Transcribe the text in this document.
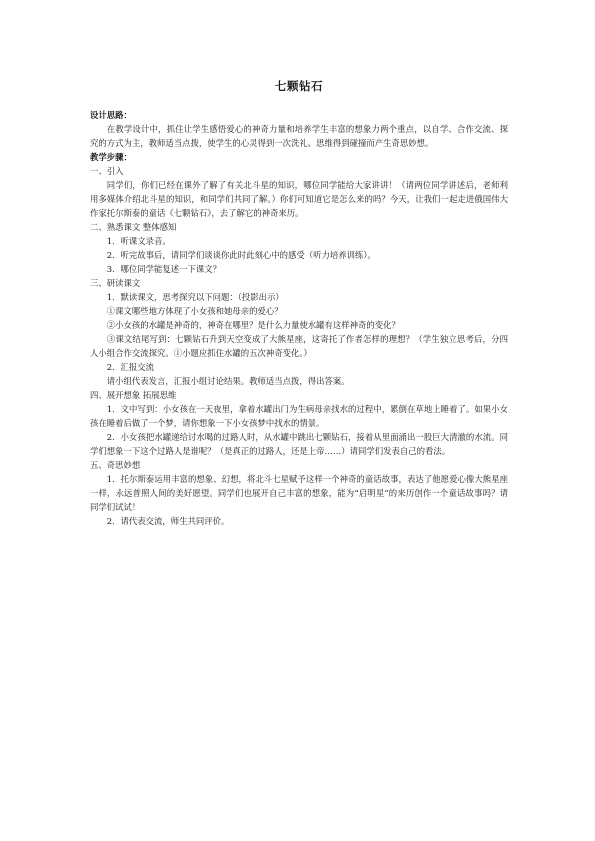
七颗钻石

设计思路：

在教学设计中，抓住让学生感悟爱心的神奇力量和培养学生丰富的想象力两个重点，以自学、合作交流、探究的方式为主，教师适当点拨，使学生的心灵得到一次洗礼、思维得到碰撞而产生奇思妙想。

教学步骤：

一、引入

同学们，你们已经在课外了解了有关北斗星的知识，哪位同学能给大家讲讲！（请两位同学讲述后，老师利用多媒体介绍北斗星的知识，和同学们共同了解。）你们可知道它是怎么来的吗？今天，让我们一起走进俄国伟大作家托尔斯泰的童话《七颗钻石》，去了解它的神奇来历。

二、熟悉课文 整体感知

1．听课文录音。

2．听完故事后，请同学们谈谈你此时此刻心中的感受（听力培养训练）。

3．哪位同学能复述一下课文？

三、研读课文

1．默读课文，思考探究以下问题：（投影出示）

①课文哪些地方体现了小女孩和她母亲的爱心？

②小女孩的水罐是神奇的，神奇在哪里？是什么力量使水罐有这样神奇的变化？

③课文结尾写到：七颗钻石升到天空变成了大熊星座，这寄托了作者怎样的理想？（学生独立思考后，分四人小组合作交流探究。①小题应抓住水罐的五次神奇变化。）

2．汇报交流

请小组代表发言，汇报小组讨论结果。教师适当点拨，得出答案。

四、展开想象 拓展思维

1．文中写到：小女孩在一天夜里，拿着水罐出门为生病母亲找水的过程中，累倒在草地上睡着了。如果小女孩在睡着后做了一个梦，请你想象一下小女孩梦中找水的情景。

2．小女孩把水罐递给讨水喝的过路人时，从水罐中跳出七颗钻石，接着从里面涌出一股巨大清澈的水流。同学们想象一下这个过路人是谁呢？（是真正的过路人，还是上帝……）请同学们发表自己的看法。

五、奇思妙想

1．托尔斯泰运用丰富的想象、幻想，将北斗七星赋予这样一个神奇的童话故事，表达了他愿爱心像大熊星座一样，永远普照人间的美好愿望。同学们也展开自己丰富的想象，能为“启明星”的来历创作一个童话故事吗？请同学们试试！

2．请代表交流，师生共同评价。
